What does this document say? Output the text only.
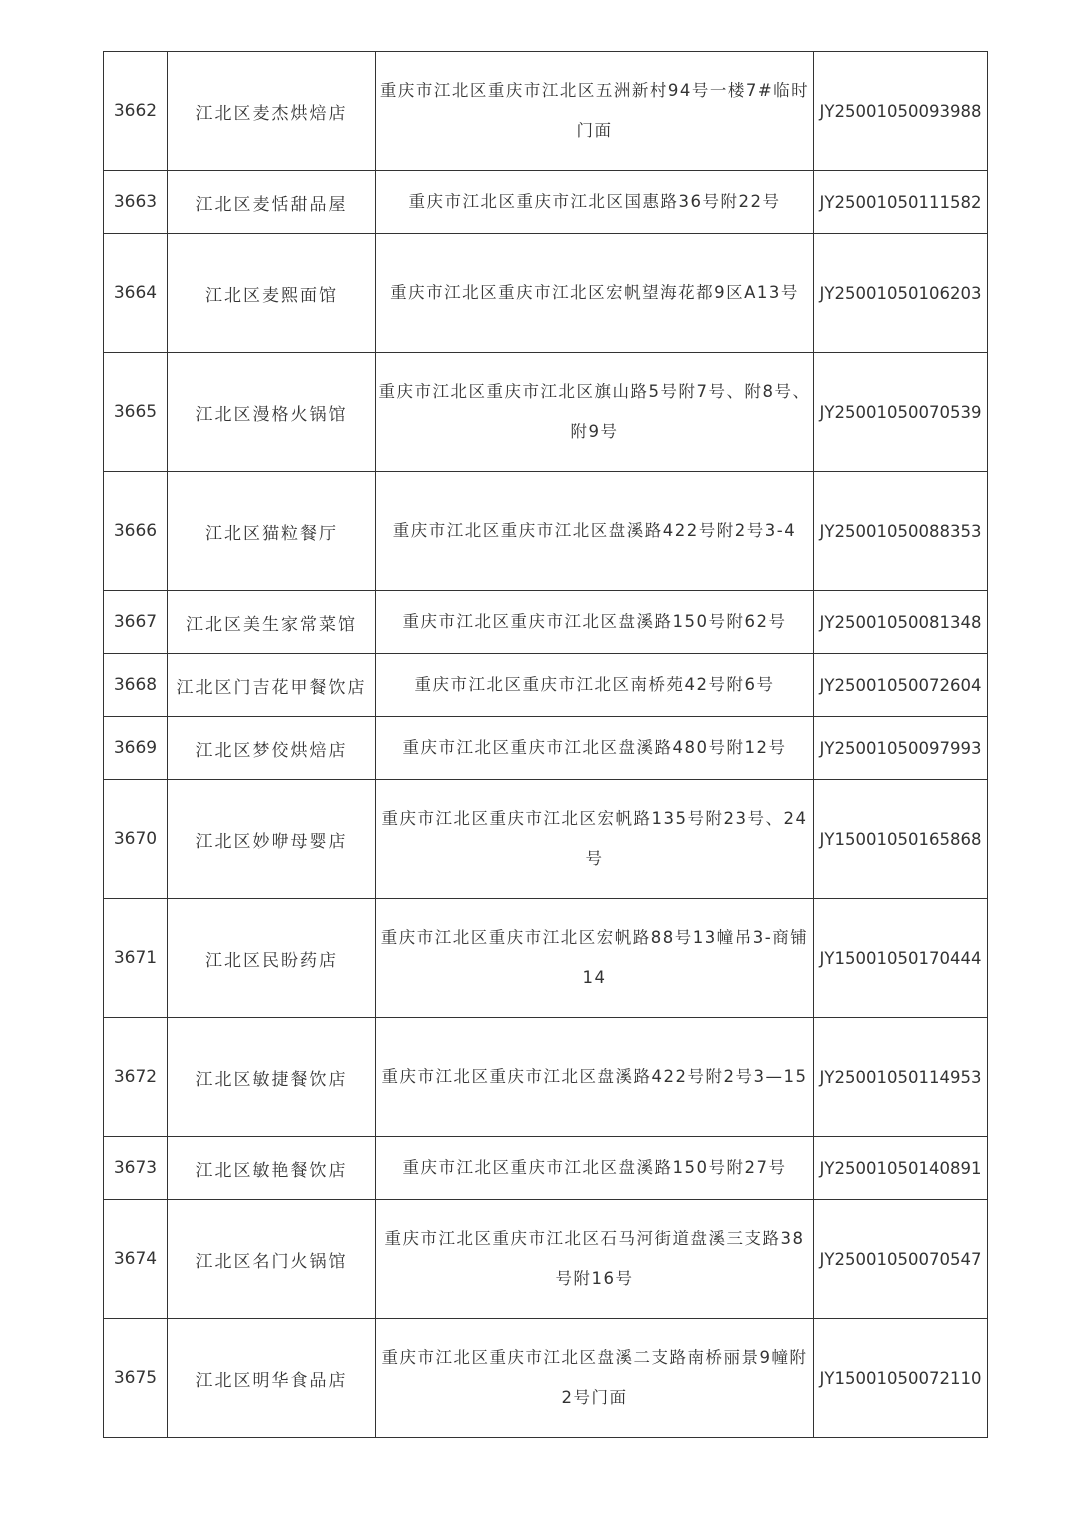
3662	江北区麦杰烘焙店	重庆市江北区重庆市江北区五洲新村94号一楼7#临时门面	JY25001050093988
3663	江北区麦恬甜品屋	重庆市江北区重庆市江北区国惠路36号附22号	JY25001050111582
3664	江北区麦熙面馆	重庆市江北区重庆市江北区宏帆望海花都9区A13号	JY25001050106203
3665	江北区漫格火锅馆	重庆市江北区重庆市江北区旗山路5号附7号、附8号、附9号	JY25001050070539
3666	江北区猫粒餐厅	重庆市江北区重庆市江北区盘溪路422号附2号3-4	JY25001050088353
3667	江北区美生家常菜馆	重庆市江北区重庆市江北区盘溪路150号附62号	JY25001050081348
3668	江北区门吉花甲餐饮店	重庆市江北区重庆市江北区南桥苑42号附6号	JY25001050072604
3669	江北区梦佼烘焙店	重庆市江北区重庆市江北区盘溪路480号附12号	JY25001050097993
3670	江北区妙咿母婴店	重庆市江北区重庆市江北区宏帆路135号附23号、24号	JY15001050165868
3671	江北区民盼药店	重庆市江北区重庆市江北区宏帆路88号13幢吊3-商铺14	JY15001050170444
3672	江北区敏捷餐饮店	重庆市江北区重庆市江北区盘溪路422号附2号3—15	JY25001050114953
3673	江北区敏艳餐饮店	重庆市江北区重庆市江北区盘溪路150号附27号	JY25001050140891
3674	江北区名门火锅馆	重庆市江北区重庆市江北区石马河街道盘溪三支路38号附16号	JY25001050070547
3675	江北区明华食品店	重庆市江北区重庆市江北区盘溪二支路南桥丽景9幢附2号门面	JY15001050072110
